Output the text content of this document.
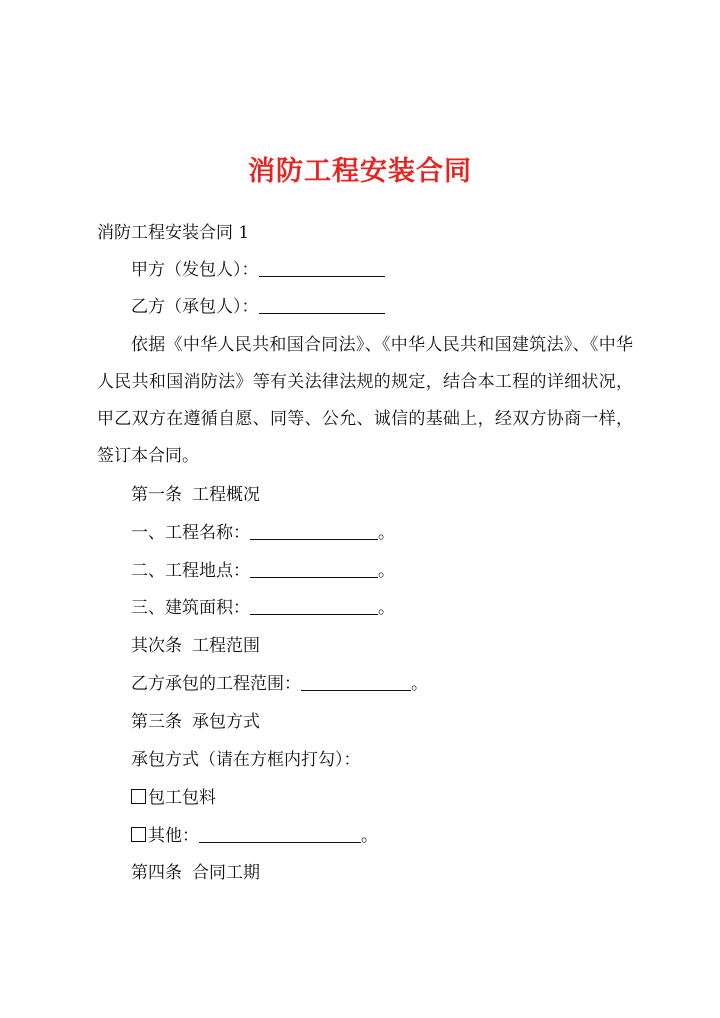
消防工程安装合同
消防工程安装合同 1
甲方（发包人）：
乙方（承包人）：
依据《中华人民共和国合同法》、《中华人民共和国建筑法》、《中华人民共和国消防法》等有关法律法规的规定，结合本工程的详细状况，甲乙双方在遵循自愿、同等、公允、诚信的基础上，经双方协商一样，签订本合同。
第一条 工程概况
一、工程名称：	。
二、工程地点：	。
三、建筑面积：	。
其次条 工程范围
乙方承包的工程范围：	。
第三条 承包方式
承包方式（请在方框内打勾）：
包工包料
其他：	。
第四条 合同工期
